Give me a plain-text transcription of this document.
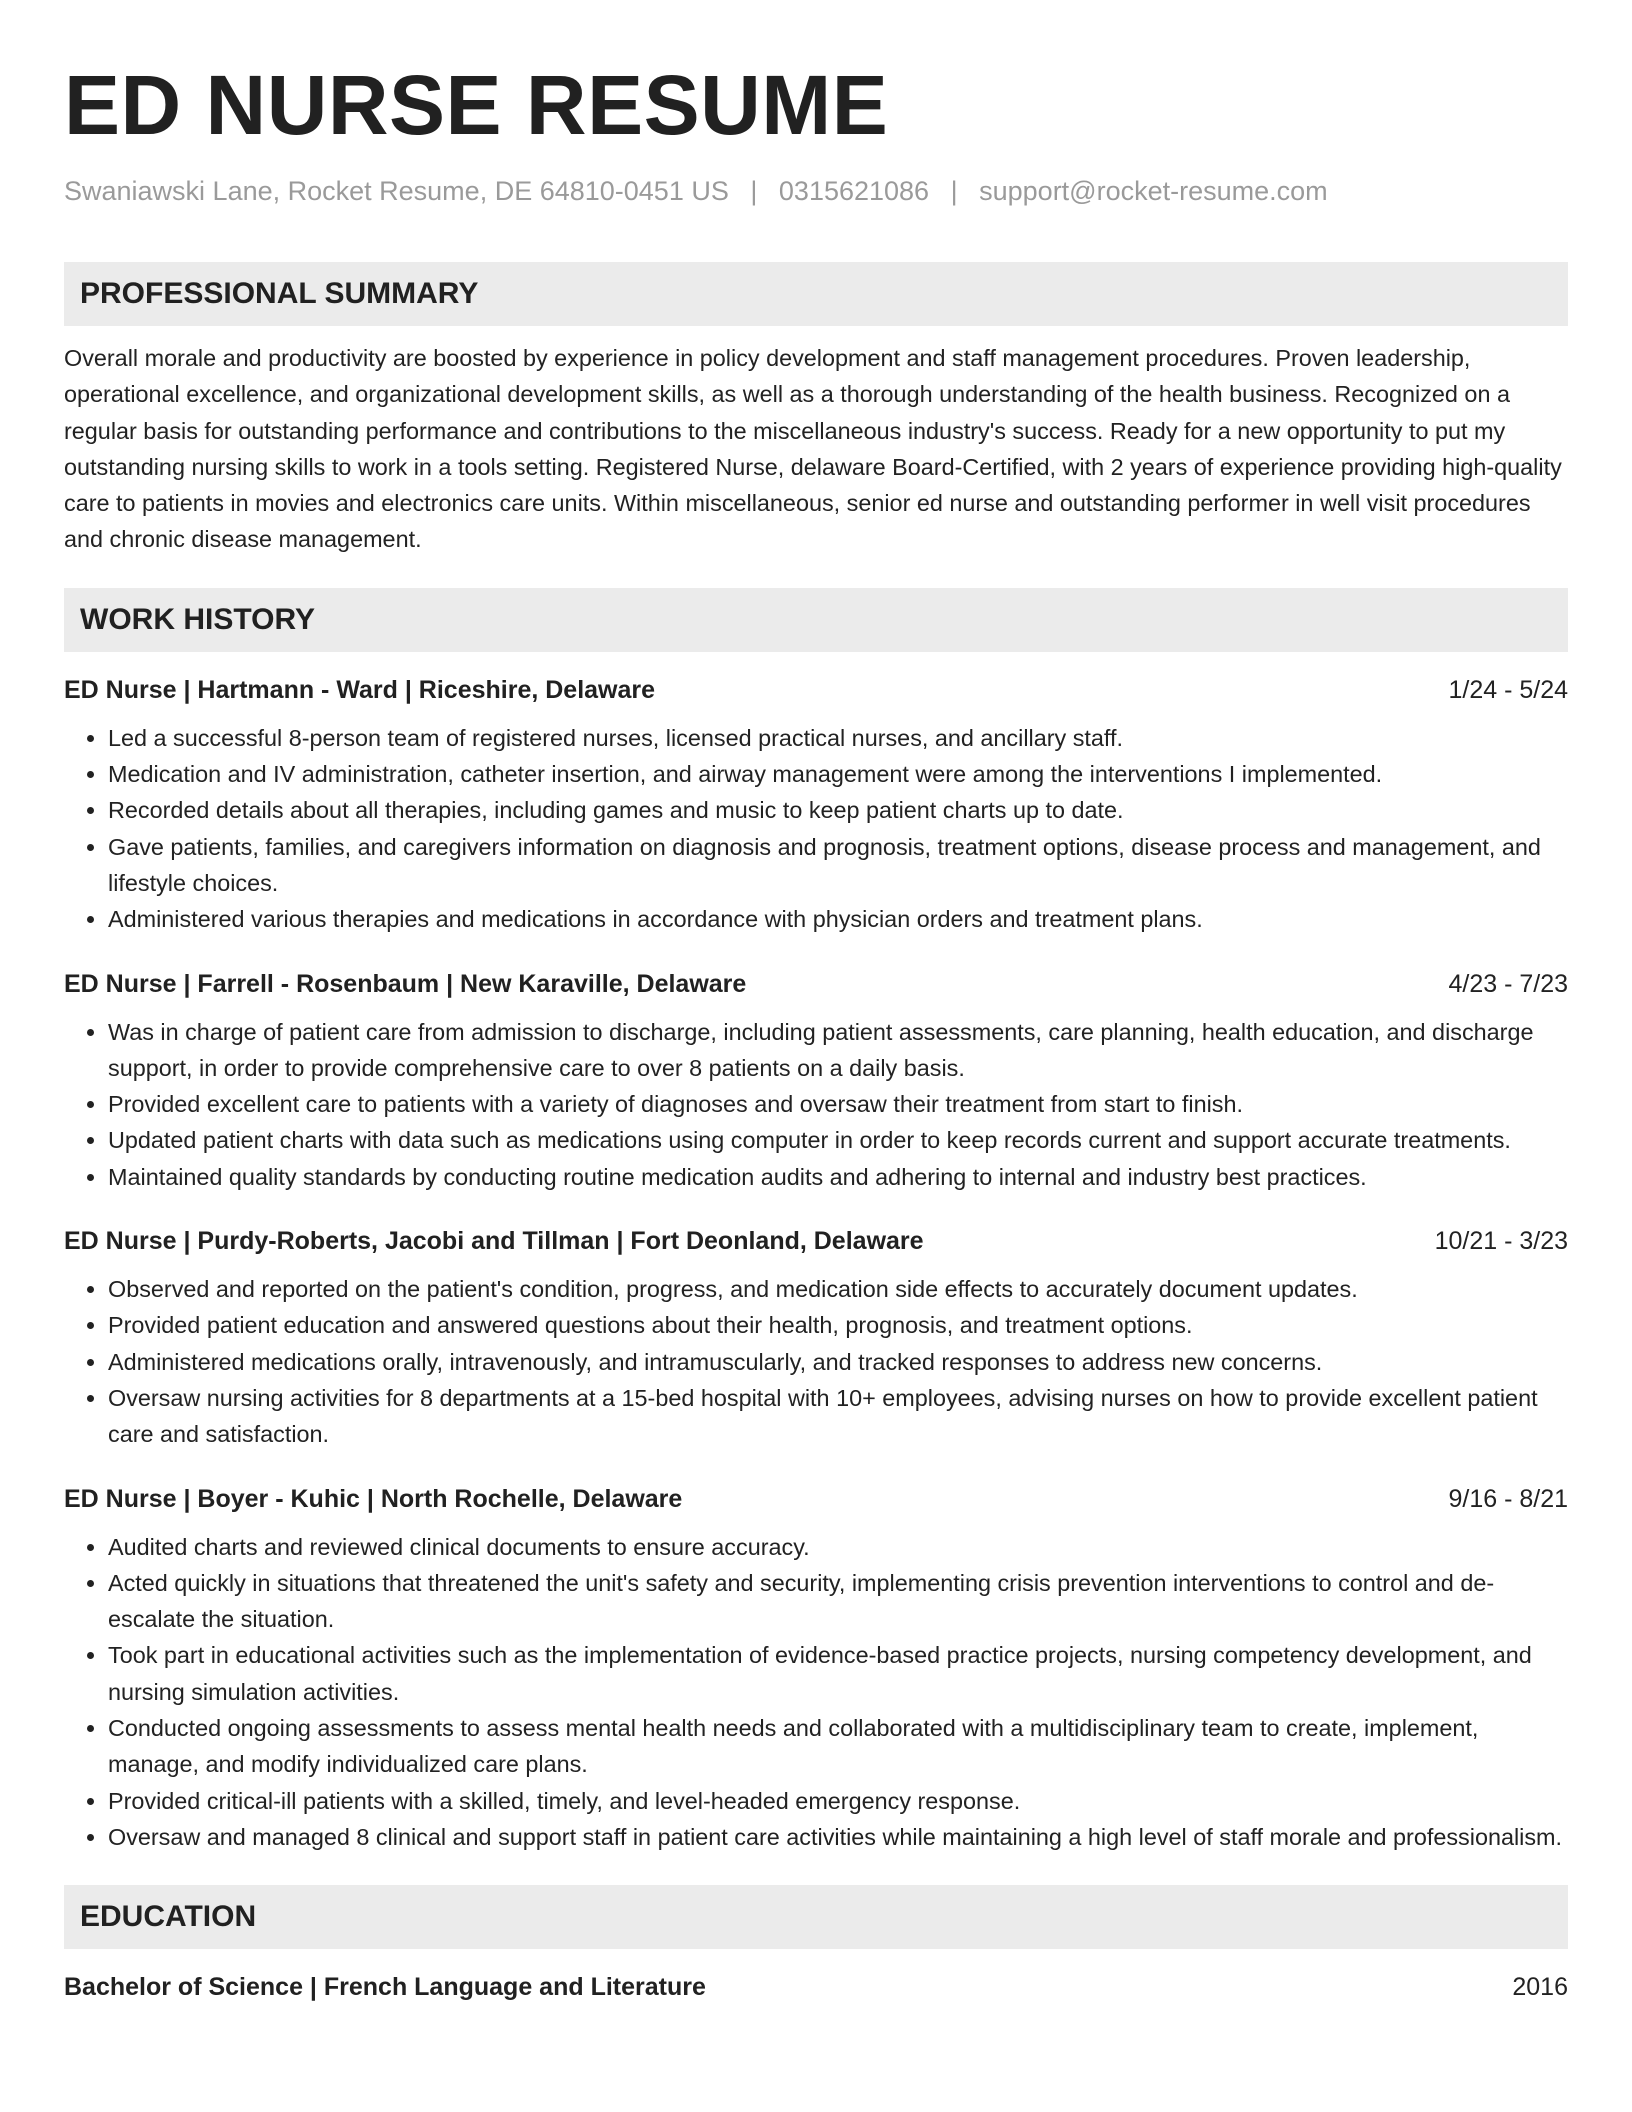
ED NURSE RESUME
Swaniawski Lane, Rocket Resume, DE 64810-0451 US | 0315621086 | support@rocket-resume.com
PROFESSIONAL SUMMARY
Overall morale and productivity are boosted by experience in policy development and staff management procedures. Proven leadership, operational excellence, and organizational development skills, as well as a thorough understanding of the health business. Recognized on a regular basis for outstanding performance and contributions to the miscellaneous industry's success. Ready for a new opportunity to put my outstanding nursing skills to work in a tools setting. Registered Nurse, delaware Board-Certified, with 2 years of experience providing high-quality care to patients in movies and electronics care units. Within miscellaneous, senior ed nurse and outstanding performer in well visit procedures and chronic disease management.
WORK HISTORY
ED Nurse | Hartmann - Ward | Riceshire, Delaware	1/24 - 5/24
• Led a successful 8-person team of registered nurses, licensed practical nurses, and ancillary staff.
• Medication and IV administration, catheter insertion, and airway management were among the interventions I implemented.
• Recorded details about all therapies, including games and music to keep patient charts up to date.
• Gave patients, families, and caregivers information on diagnosis and prognosis, treatment options, disease process and management, and lifestyle choices.
• Administered various therapies and medications in accordance with physician orders and treatment plans.
ED Nurse | Farrell - Rosenbaum | New Karaville, Delaware	4/23 - 7/23
• Was in charge of patient care from admission to discharge, including patient assessments, care planning, health education, and discharge support, in order to provide comprehensive care to over 8 patients on a daily basis.
• Provided excellent care to patients with a variety of diagnoses and oversaw their treatment from start to finish.
• Updated patient charts with data such as medications using computer in order to keep records current and support accurate treatments.
• Maintained quality standards by conducting routine medication audits and adhering to internal and industry best practices.
ED Nurse | Purdy-Roberts, Jacobi and Tillman | Fort Deonland, Delaware	10/21 - 3/23
• Observed and reported on the patient's condition, progress, and medication side effects to accurately document updates.
• Provided patient education and answered questions about their health, prognosis, and treatment options.
• Administered medications orally, intravenously, and intramuscularly, and tracked responses to address new concerns.
• Oversaw nursing activities for 8 departments at a 15-bed hospital with 10+ employees, advising nurses on how to provide excellent patient care and satisfaction.
ED Nurse | Boyer - Kuhic | North Rochelle, Delaware	9/16 - 8/21
• Audited charts and reviewed clinical documents to ensure accuracy.
• Acted quickly in situations that threatened the unit's safety and security, implementing crisis prevention interventions to control and de-escalate the situation.
• Took part in educational activities such as the implementation of evidence-based practice projects, nursing competency development, and nursing simulation activities.
• Conducted ongoing assessments to assess mental health needs and collaborated with a multidisciplinary team to create, implement, manage, and modify individualized care plans.
• Provided critical-ill patients with a skilled, timely, and level-headed emergency response.
• Oversaw and managed 8 clinical and support staff in patient care activities while maintaining a high level of staff morale and professionalism.
EDUCATION
Bachelor of Science | French Language and Literature	2016
